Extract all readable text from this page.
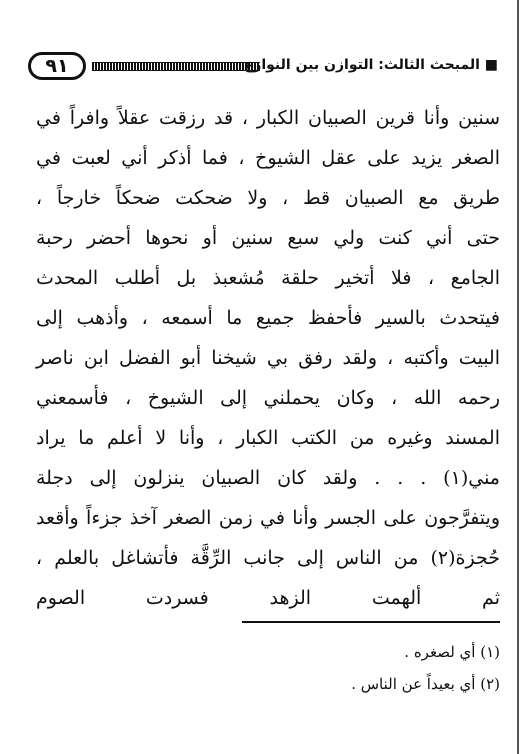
٩١	■ المبحث الثالث: التوازن بين النوازع
سنين وأنا قرين الصبيان الكبار ، قد رزقت عقلاً وافراً في
الصغر يزيد على عقل الشيوخ ، فما أذكر أني لعبت في
طريق مع الصبيان قط ، ولا ضحكت ضحكاً خارجاً ،
حتى أني كنت ولي سبع سنين أو نحوها أحضر رحبة
الجامع ، فلا أتخير حلقة مُشعبذ بل أطلب المحدث
فيتحدث بالسير فأحفظ جميع ما أسمعه ، وأذهب إلى
البيت وأكتبه ، ولقد رفق بي شيخنا أبو الفضل ابن ناصر
رحمه الله ، وكان يحملني إلى الشيوخ ، فأسمعني
المسند وغيره من الكتب الكبار ، وأنا لا أعلم ما يراد
مني(١) . . . ولقد كان الصبيان ينزلون إلى دجلة
ويتفرَّجون على الجسر وأنا في زمن الصغر آخذ جزءاً وأقعد
حُجزة(٢) من الناس إلى جانب الرِّقَّة فأتشاغل بالعلم ،
ثم ألهمت الزهد فسردت الصوم
(١) أي لصغره .
(٢) أي بعيداً عن الناس .
